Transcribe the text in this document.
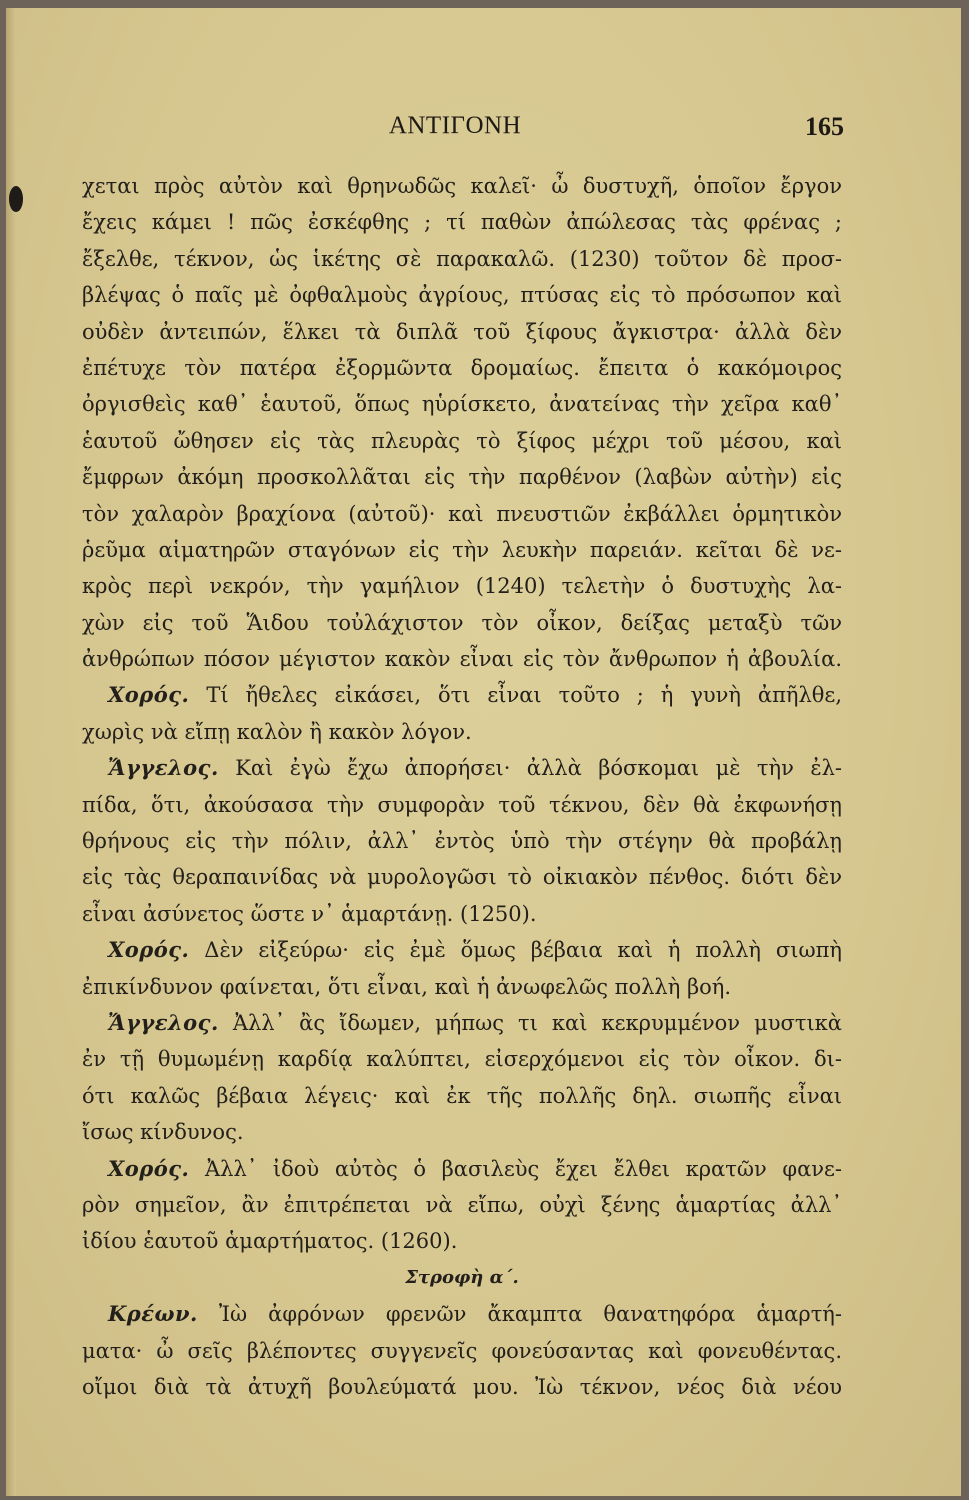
ΑΝΤΙΓΟΝΗ	165
χεται πρὸς αὐτὸν καὶ θρηνωδῶς καλεῖ· ὦ δυστυχῆ, ὁποῖον ἔργον
ἔχεις κάμει ! πῶς ἐσκέφθης ; τί παθὼν ἀπώλεσας τὰς φρένας ;
ἔξελθε, τέκνον, ὡς ἱκέτης σὲ παρακαλῶ. (1230) τοῦτον δὲ προσ-
βλέψας ὁ παῖς μὲ ὀφθαλμοὺς ἀγρίους, πτύσας εἰς τὸ πρόσωπον καὶ
οὐδὲν ἀντειπών, ἕλκει τὰ διπλᾶ τοῦ ξίφους ἄγκιστρα· ἀλλὰ δὲν
ἐπέτυχε τὸν πατέρα ἐξορμῶντα δρομαίως. ἔπειτα ὁ κακόμοιρος
ὀργισθεὶς καθ᾽ ἑαυτοῦ, ὅπως ηὑρίσκετο, ἀνατείνας τὴν χεῖρα καθ᾽
ἑαυτοῦ ὤθησεν εἰς τὰς πλευρὰς τὸ ξίφος μέχρι τοῦ μέσου, καὶ
ἔμφρων ἀκόμη προσκολλᾶται εἰς τὴν παρθένον (λαβὼν αὐτὴν) εἰς
τὸν χαλαρὸν βραχίονα (αὐτοῦ)· καὶ πνευστιῶν ἐκβάλλει ὁρμητικὸν
ῥεῦμα αἱματηρῶν σταγόνων εἰς τὴν λευκὴν παρειάν. κεῖται δὲ νε-
κρὸς περὶ νεκρόν, τὴν γαμήλιον (1240) τελετὴν ὁ δυστυχὴς λα-
χὼν εἰς τοῦ Ἅιδου τοὐλάχιστον τὸν οἶκον, δείξας μεταξὺ τῶν
ἀνθρώπων πόσον μέγιστον κακὸν εἶναι εἰς τὸν ἄνθρωπον ἡ ἀβουλία.
Χορός. Τί ἤθελες εἰκάσει, ὅτι εἶναι τοῦτο ; ἡ γυνὴ ἀπῆλθε,
χωρὶς νὰ εἴπῃ καλὸν ἢ κακὸν λόγον.
Ἄγγελος. Καὶ ἐγὼ ἔχω ἀπορήσει· ἀλλὰ βόσκομαι μὲ τὴν ἐλ-
πίδα, ὅτι, ἀκούσασα τὴν συμφορὰν τοῦ τέκνου, δὲν θὰ ἐκφωνήσῃ
θρήνους εἰς τὴν πόλιν, ἀλλ᾽ ἐντὸς ὑπὸ τὴν στέγην θὰ προβάλῃ
εἰς τὰς θεραπαινίδας νὰ μυρολογῶσι τὸ οἰκιακὸν πένθος. διότι δὲν
εἶναι ἀσύνετος ὥστε ν᾽ ἁμαρτάνῃ. (1250).
Χορός. Δὲν εἰξεύρω· εἰς ἐμὲ ὅμως βέβαια καὶ ἡ πολλὴ σιωπὴ
ἐπικίνδυνον φαίνεται, ὅτι εἶναι, καὶ ἡ ἀνωφελῶς πολλὴ βοή.
Ἄγγελος. Ἀλλ᾽ ἂς ἴδωμεν, μήπως τι καὶ κεκρυμμένον μυστικὰ
ἐν τῇ θυμωμένῃ καρδίᾳ καλύπτει, εἰσερχόμενοι εἰς τὸν οἶκον. δι-
ότι καλῶς βέβαια λέγεις· καὶ ἐκ τῆς πολλῆς δηλ. σιωπῆς εἶναι
ἴσως κίνδυνος.
Χορός. Ἀλλ᾽ ἰδοὺ αὐτὸς ὁ βασιλεὺς ἔχει ἔλθει κρατῶν φανε-
ρὸν σημεῖον, ἂν ἐπιτρέπεται νὰ εἴπω, οὐχὶ ξένης ἁμαρτίας ἀλλ᾽
ἰδίου ἑαυτοῦ ἁμαρτήματος. (1260).
Στροφὴ α΄.
Κρέων. Ἰὼ ἀφρόνων φρενῶν ἄκαμπτα θανατηφόρα ἁμαρτή-
ματα· ὦ σεῖς βλέποντες συγγενεῖς φονεύσαντας καὶ φονευθέντας.
οἴμοι διὰ τὰ ἀτυχῆ βουλεύματά μου. Ἰὼ τέκνον, νέος διὰ νέου
